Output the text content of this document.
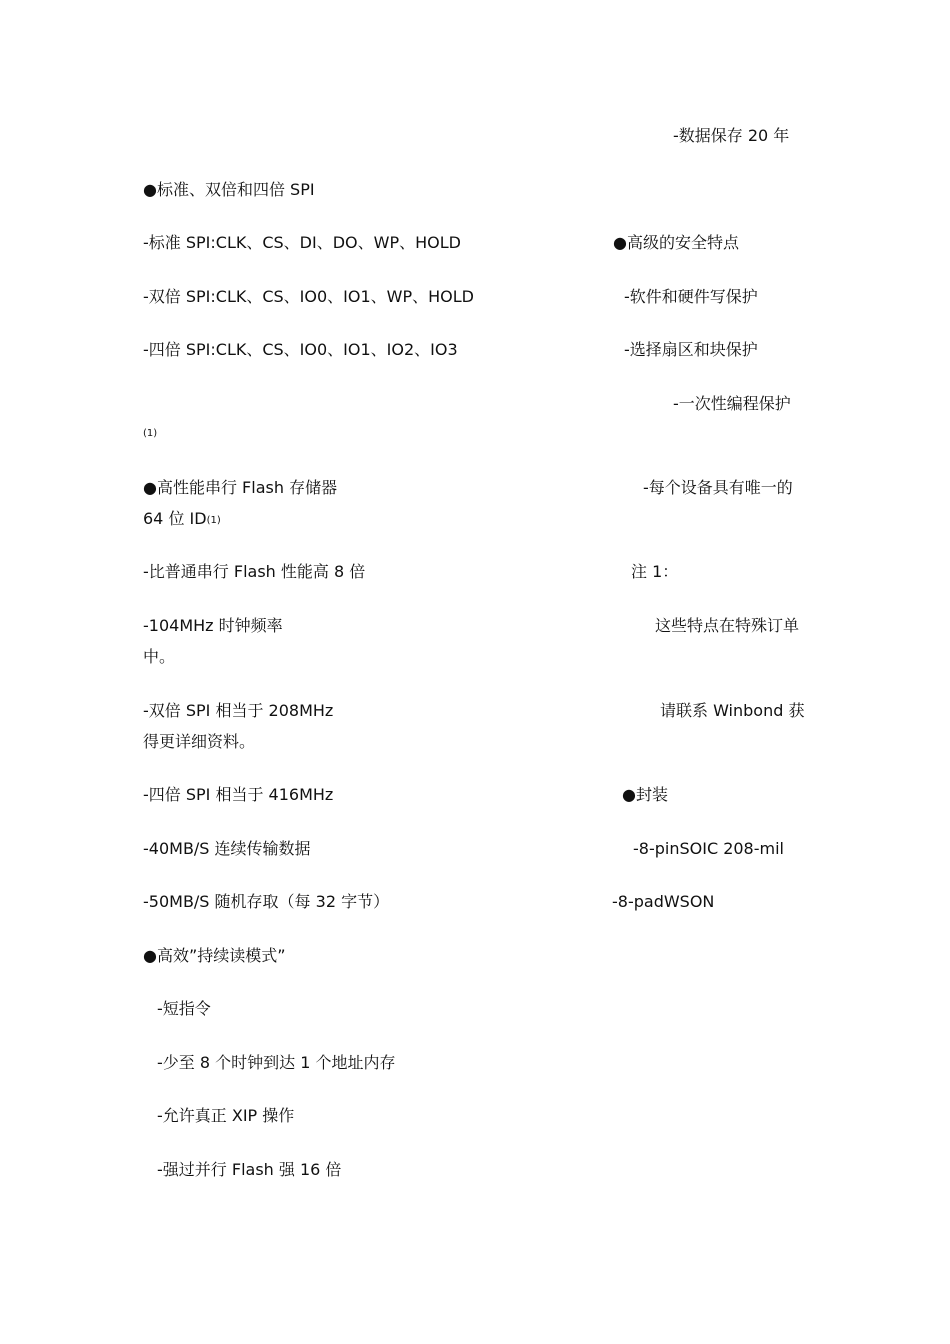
-数据保存 20 年
●标准、双倍和四倍 SPI
-标准 SPI:CLK、CS、DI、DO、WP、HOLD	●高级的安全特点
-双倍 SPI:CLK、CS、IO0、IO1、WP、HOLD	-软件和硬件写保护
-四倍 SPI:CLK、CS、IO0、IO1、IO2、IO3	-选择扇区和块保护
-一次性编程保护
(1)
●高性能串行 Flash 存储器	-每个设备具有唯一的
64 位 ID(1)
-比普通串行 Flash 性能高 8 倍	注 1：
-104MHz 时钟频率	这些特点在特殊订单
中。
-双倍 SPI 相当于 208MHz	请联系 Winbond 获
得更详细资料。
-四倍 SPI 相当于 416MHz	●封装
-40MB/S 连续传输数据	-8-pinSOIC 208-mil
-50MB/S 随机存取（每 32 字节）	-8-padWSON
●高效”持续读模式”
-短指令
-少至 8 个时钟到达 1 个地址内存
-允许真正 XIP 操作
-强过并行 Flash 强 16 倍
